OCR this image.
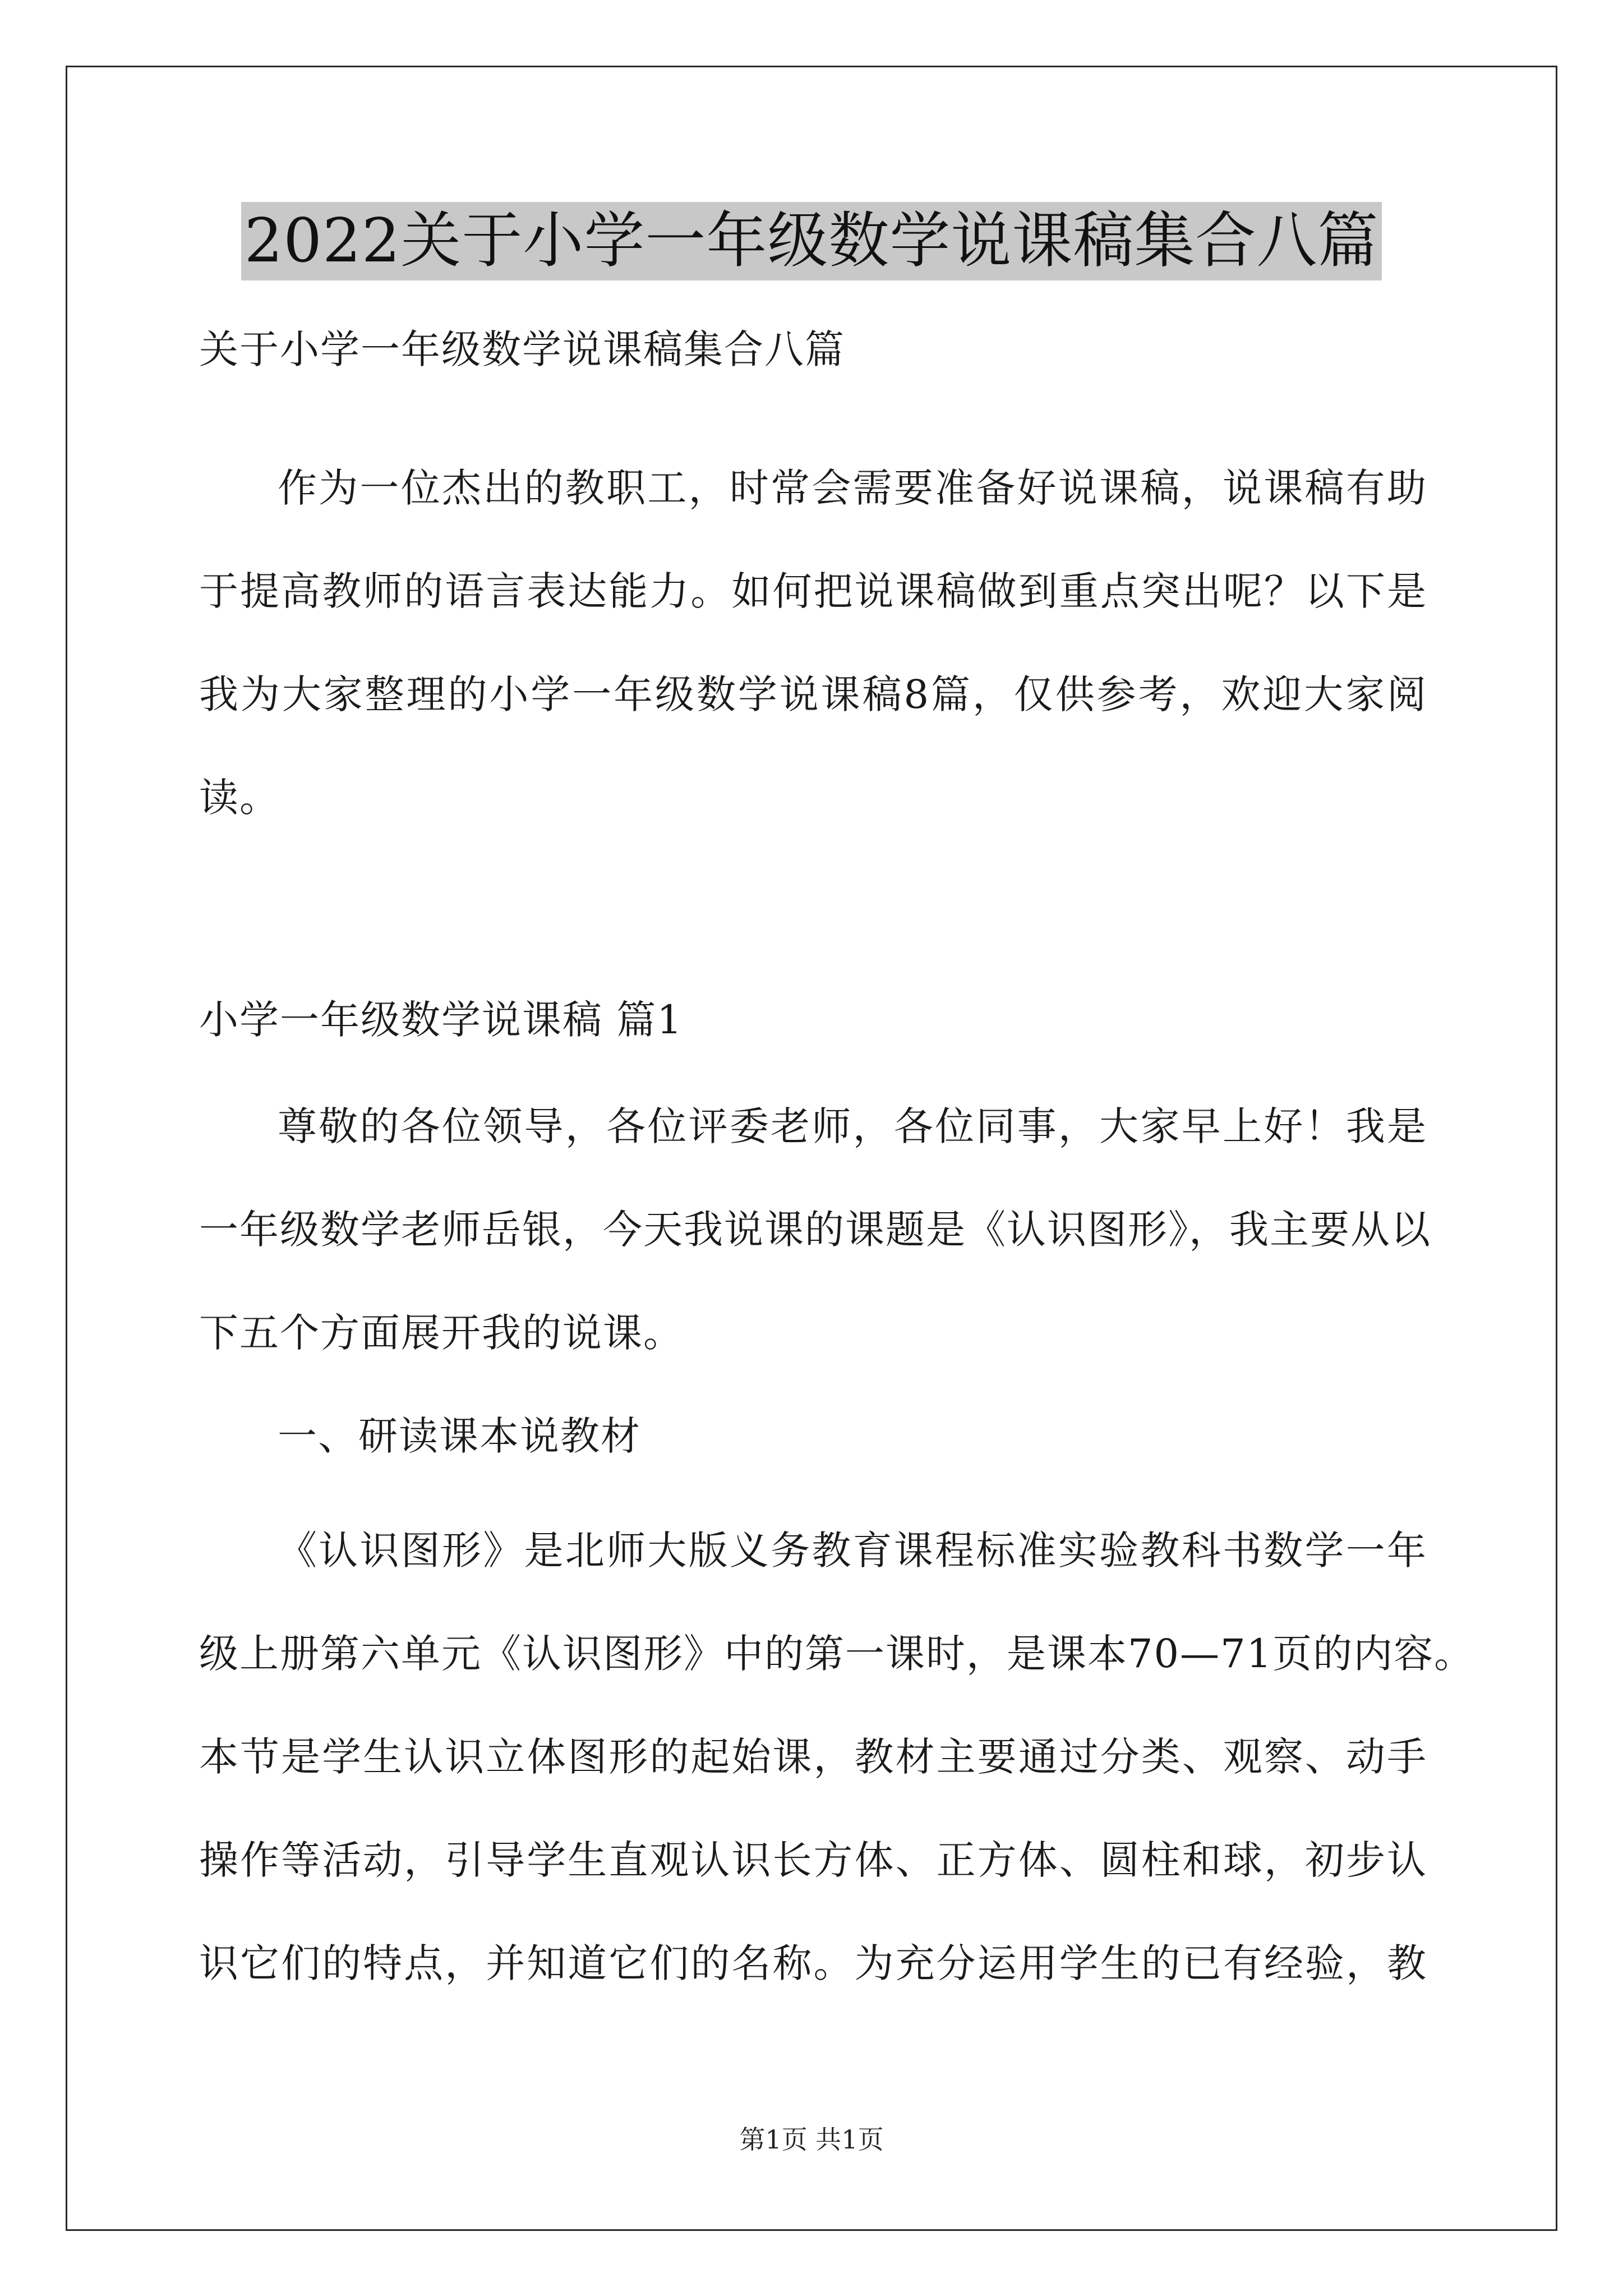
2022关于小学一年级数学说课稿集合八篇
关于小学一年级数学说课稿集合八篇
作为一位杰出的教职工，时常会需要准备好说课稿，说课稿有助
于提高教师的语言表达能力。如何把说课稿做到重点突出呢？以下是
我为大家整理的小学一年级数学说课稿8篇，仅供参考，欢迎大家阅
读。
小学一年级数学说课稿 篇1
尊敬的各位领导，各位评委老师，各位同事，大家早上好！我是
一年级数学老师岳银，今天我说课的课题是《认识图形》，我主要从以
下五个方面展开我的说课。
一、研读课本说教材
《认识图形》是北师大版义务教育课程标准实验教科书数学一年
级上册第六单元《认识图形》中的第一课时，是课本70—71页的内容。
本节是学生认识立体图形的起始课，教材主要通过分类、观察、动手
操作等活动，引导学生直观认识长方体、正方体、圆柱和球，初步认
识它们的特点，并知道它们的名称。为充分运用学生的已有经验，教
第1页 共1页
